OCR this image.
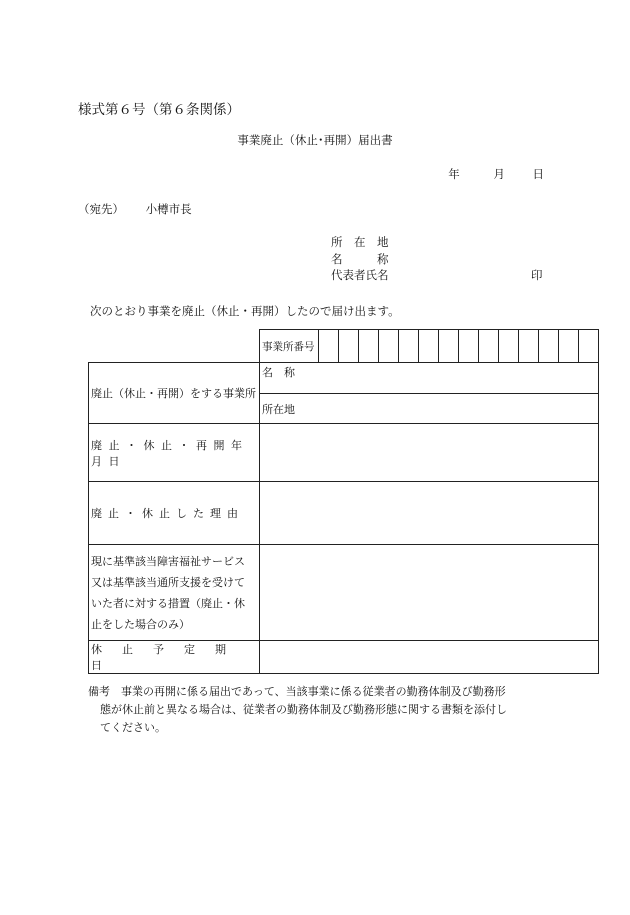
様式第６号（第６条関係）
事業廃止（休止･再開）届出書
年	月 日
（宛先） 小樽市長
所　在　地
名　　　称
代表者氏名	印
次のとおり事業を廃止（休止・再開）したので届け出ます。
	事業所番号														
廃止（休止・再開）をする事業所	名　称														
	所在地														
廃止・休止・再開年月日															
廃止・休止した理由															

現に基準該当障害福祉サービス
又は基準該当通所支援を受けて
いた者に対する措置（廃止・休
止をした場合のみ）															

休止予定期日															

備考　事業の再開に係る届出であって、当該事業に係る従業者の勤務体制及び勤務形
態が休止前と異なる場合は、従業者の勤務体制及び勤務形態に関する書類を添付し
てください。
